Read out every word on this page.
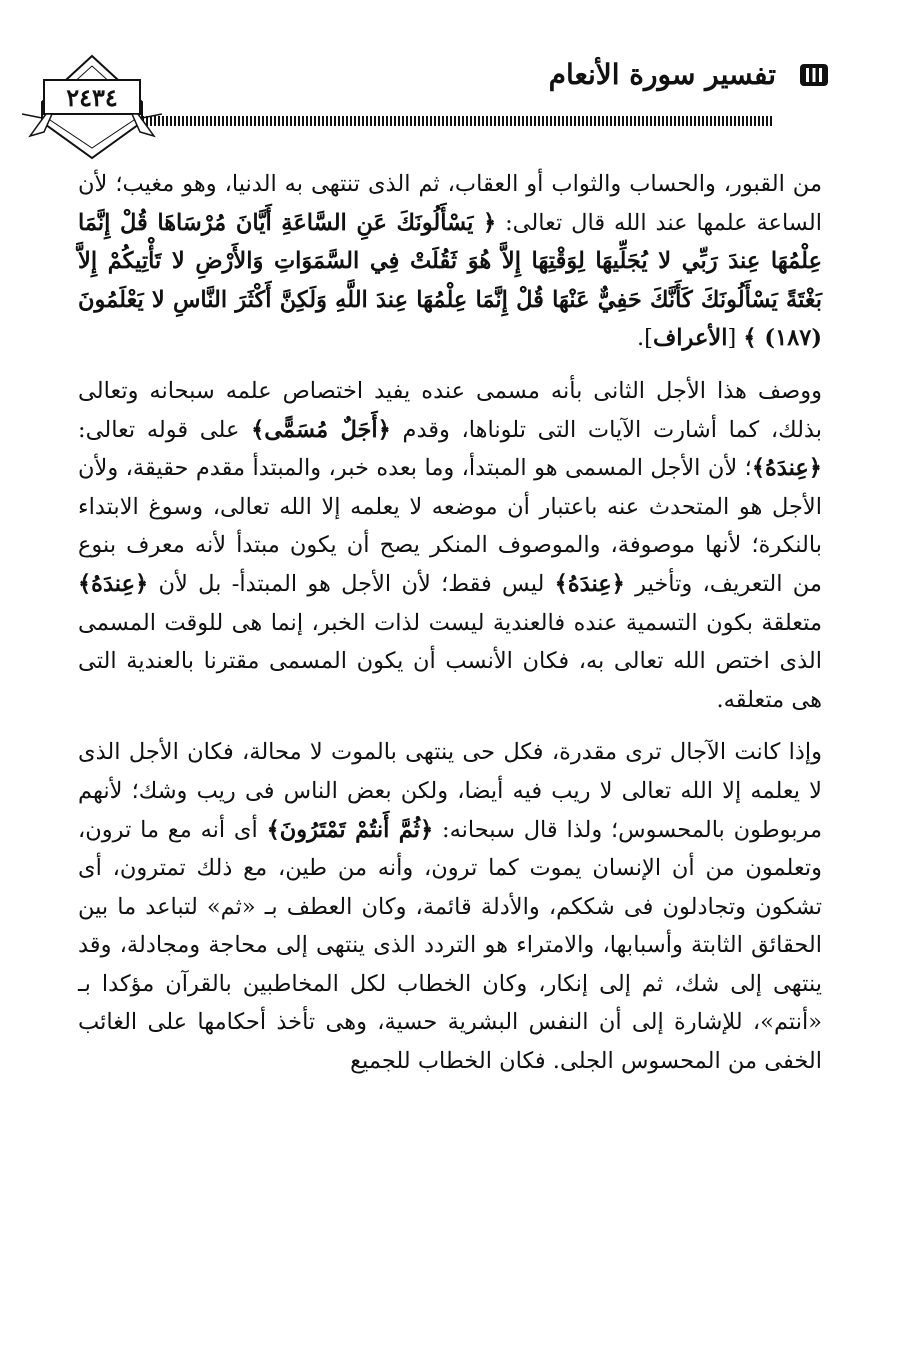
تفسير سورة الأنعام
٢٤٣٤

من القبور، والحساب والثواب أو العقاب، ثم الذى تنتهى به الدنيا، وهو مغيب؛ لأن الساعة علمها عند الله قال تعالى: ﴿ يَسْأَلُونَكَ عَنِ السَّاعَةِ أَيَّانَ مُرْسَاهَا قُلْ إِنَّمَا عِلْمُهَا عِندَ رَبِّي لا يُجَلِّيهَا لِوَقْتِهَا إِلاَّ هُوَ ثَقُلَتْ فِي السَّمَوَاتِ وَالأَرْضِ لا تَأْتِيكُمْ إِلاَّ بَغْتَةً يَسْأَلُونَكَ كَأَنَّكَ حَفِيٌّ عَنْهَا قُلْ إِنَّمَا عِلْمُهَا عِندَ اللَّهِ وَلَكِنَّ أَكْثَرَ النَّاسِ لا يَعْلَمُونَ (١٨٧) ﴾ [الأعراف].

ووصف هذا الأجل الثانى بأنه مسمى عنده يفيد اختصاص علمه سبحانه وتعالى بذلك، كما أشارت الآيات التى تلوناها، وقدم ﴿أَجَلٌ مُسَمًّى﴾ على قوله تعالى: ﴿عِندَهُ﴾؛ لأن الأجل المسمى هو المبتدأ، وما بعده خبر، والمبتدأ مقدم حقيقة، ولأن الأجل هو المتحدث عنه باعتبار أن موضعه لا يعلمه إلا الله تعالى، وسوغ الابتداء بالنكرة؛ لأنها موصوفة، والموصوف المنكر يصح أن يكون مبتدأ لأنه معرف بنوع من التعريف، وتأخير ﴿عِندَهُ﴾ ليس فقط؛ لأن الأجل هو المبتدأ- بل لأن ﴿عِندَهُ﴾ متعلقة بكون التسمية عنده فالعندية ليست لذات الخبر، إنما هى للوقت المسمى الذى اختص الله تعالى به، فكان الأنسب أن يكون المسمى مقترنا بالعندية التى هى متعلقه.

وإذا كانت الآجال ترى مقدرة، فكل حى ينتهى بالموت لا محالة، فكان الأجل الذى لا يعلمه إلا الله تعالى لا ريب فيه أيضا، ولكن بعض الناس فى ريب وشك؛ لأنهم مربوطون بالمحسوس؛ ولذا قال سبحانه: ﴿ثُمَّ أَنتُمْ تَمْتَرُونَ﴾ أى أنه مع ما ترون، وتعلمون من أن الإنسان يموت كما ترون، وأنه من طين، مع ذلك تمترون، أى تشكون وتجادلون فى شككم، والأدلة قائمة، وكان العطف بـ «ثم» لتباعد ما بين الحقائق الثابتة وأسبابها، والامتراء هو التردد الذى ينتهى إلى محاجة ومجادلة، وقد ينتهى إلى شك، ثم إلى إنكار، وكان الخطاب لكل المخاطبين بالقرآن مؤكدا بـ «أنتم»، للإشارة إلى أن النفس البشرية حسية، وهى تأخذ أحكامها على الغائب الخفى من المحسوس الجلى. فكان الخطاب للجميع
